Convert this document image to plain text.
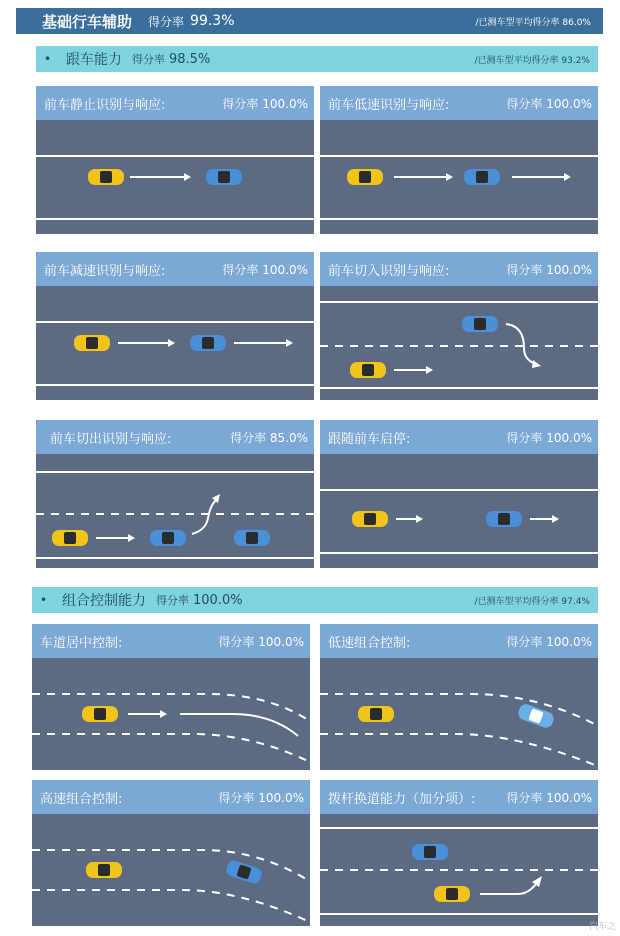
基础行车辅助 得分率 99.3%	/已测车型平均得分率 86.0%
•	跟车能力 得分率 98.5%	/已测车型平均得分率 93.2%
前车静止识别与响应:	得分率 100.0% 前车低速识别与响应:	得分率 100.0%
前车减速识别与响应:	得分率 100.0% 前车切入识别与响应:	得分率 100.0%
前车切出识别与响应:	得分率 85.0% 跟随前车启停:	得分率 100.0%
•	组合控制能力 得分率 100.0%	/已测车型平均得分率 97.4%
车道居中控制:	得分率 100.0% 低速组合控制:	得分率 100.0%
高速组合控制:	得分率 100.0% 拨杆换道能力（加分项）:	得分率 100.0%
汽车之
